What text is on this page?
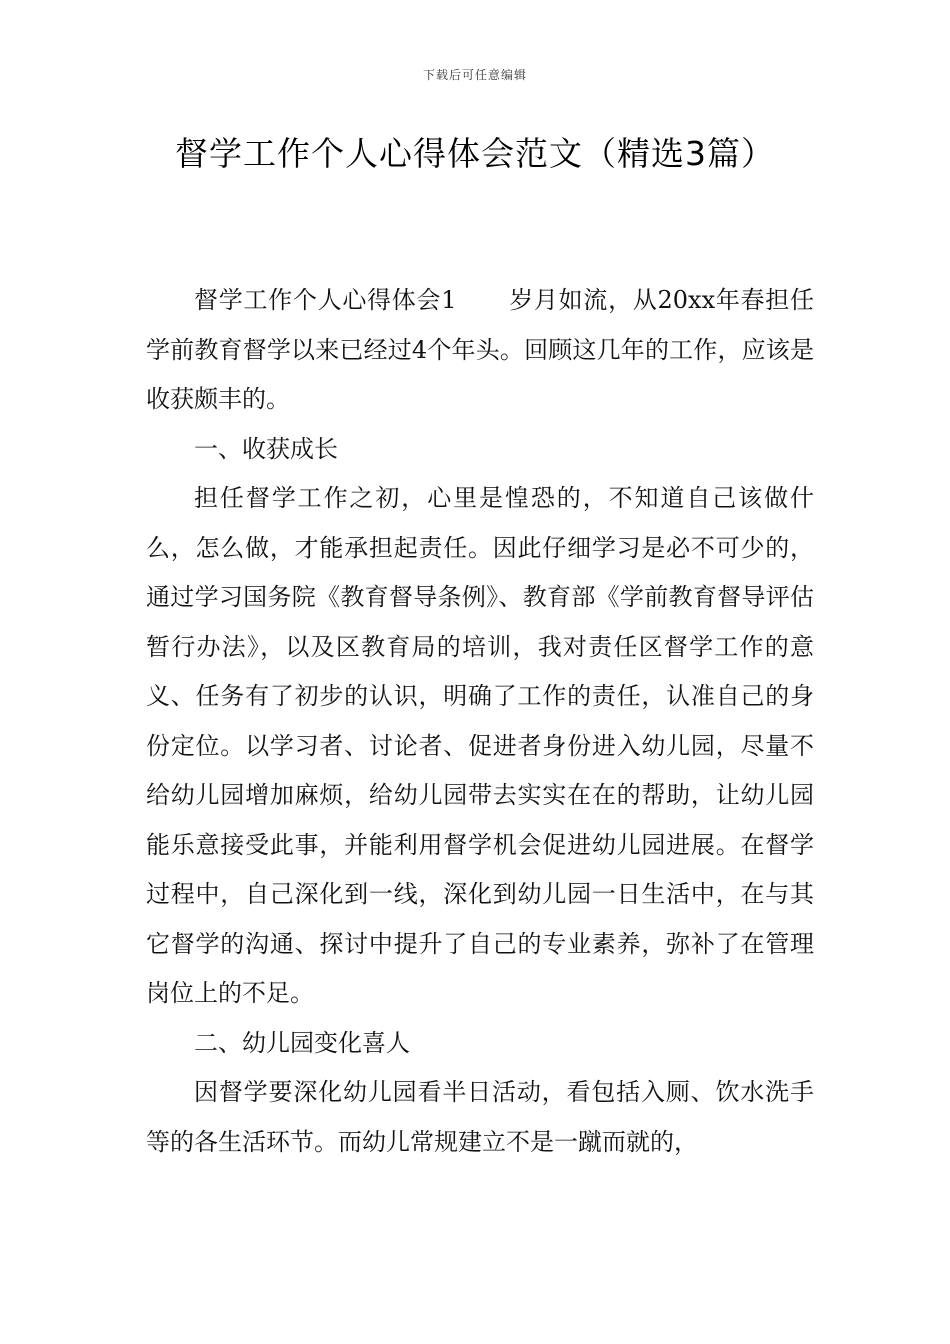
下载后可任意编辑
督学工作个人心得体会范文（精选3篇）

督学工作个人心得体会1 岁月如流，从20xx年春担任学前教育督学以来已经过4个年头。回顾这几年的工作，应该是收获颇丰的。

一、收获成长

担任督学工作之初，心里是惶恐的，不知道自己该做什么，怎么做，才能承担起责任。因此仔细学习是必不可少的，通过学习国务院《教育督导条例》、教育部《学前教育督导评估暂行办法》，以及区教育局的培训，我对责任区督学工作的意义、任务有了初步的认识，明确了工作的责任，认准自己的身份定位。以学习者、讨论者、促进者身份进入幼儿园，尽量不给幼儿园增加麻烦，给幼儿园带去实实在在的帮助，让幼儿园能乐意接受此事，并能利用督学机会促进幼儿园进展。在督学过程中，自己深化到一线，深化到幼儿园一日生活中，在与其它督学的沟通、探讨中提升了自己的专业素养，弥补了在管理岗位上的不足。

二、幼儿园变化喜人

因督学要深化幼儿园看半日活动，看包括入厕、饮水洗手等的各生活环节。而幼儿常规建立不是一蹴而就的，
